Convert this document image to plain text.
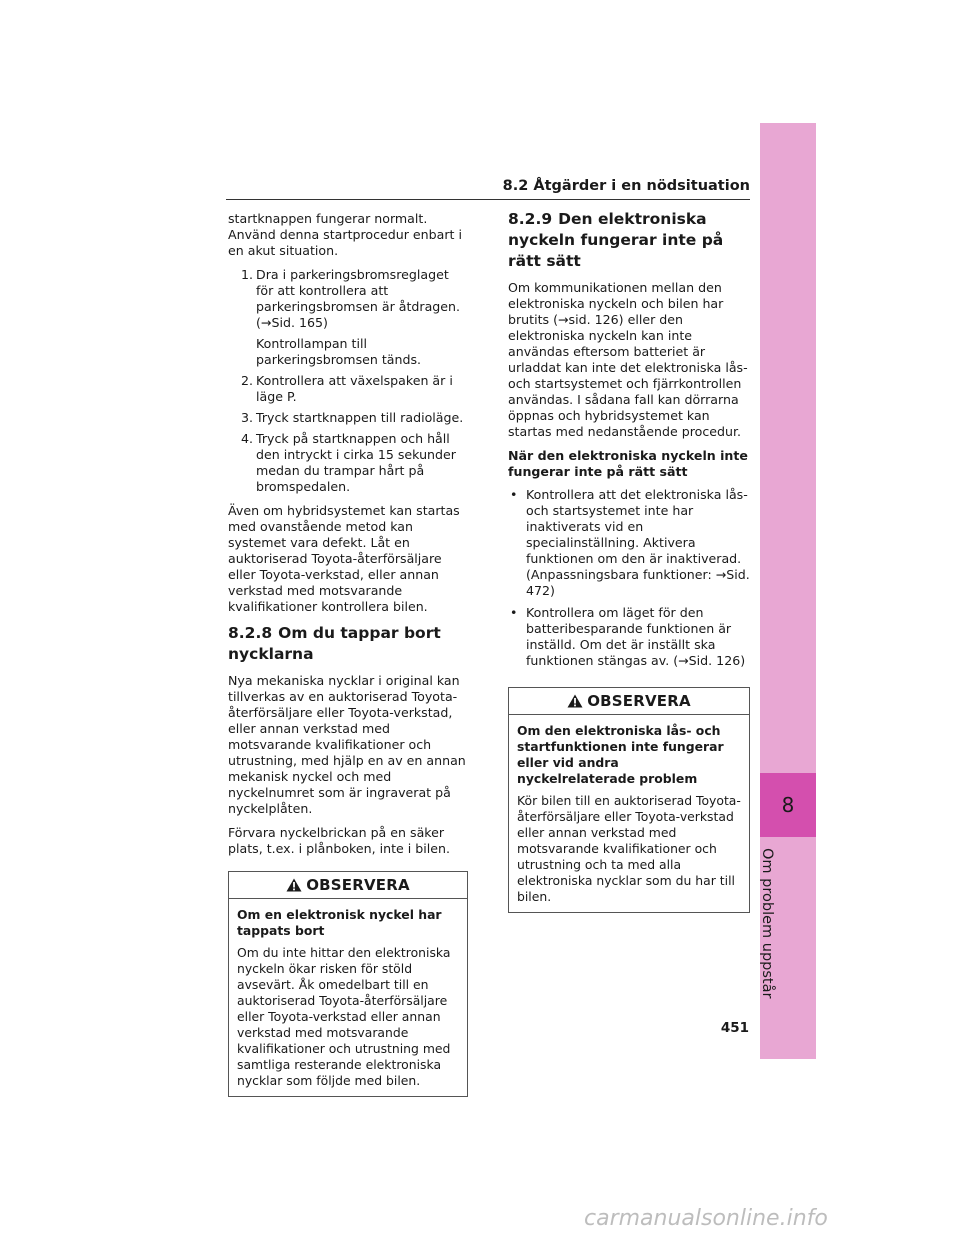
8.2 Åtgärder i en nödsituation

startknappen fungerar normalt. Använd denna startprocedur enbart i en akut situation.

1. Dra i parkeringsbromsreglaget för att kontrollera att parkeringsbromsen är åtdragen. (→Sid. 165)
Kontrollampan till parkeringsbromsen tänds.
2. Kontrollera att växelspaken är i läge P.
3. Tryck startknappen till radioläge.
4. Tryck på startknappen och håll den intryckt i cirka 15 sekunder medan du trampar hårt på bromspedalen.

Även om hybridsystemet kan startas med ovanstående metod kan systemet vara defekt. Låt en auktoriserad Toyota-återförsäljare eller Toyota-verkstad, eller annan verkstad med motsvarande kvalifikationer kontrollera bilen.

8.2.8 Om du tappar bort nycklarna

Nya mekaniska nycklar i original kan tillverkas av en auktoriserad Toyota-återförsäljare eller Toyota-verkstad, eller annan verkstad med motsvarande kvalifikationer och utrustning, med hjälp en av en annan mekanisk nyckel och med nyckelnumret som är ingraverat på nyckelplåten.

Förvara nyckelbrickan på en säker plats, t.ex. i plånboken, inte i bilen.

OBSERVERA
Om en elektronisk nyckel har tappats bort
Om du inte hittar den elektroniska nyckeln ökar risken för stöld avsevärt. Åk omedelbart till en auktoriserad Toyota-återförsäljare eller Toyota-verkstad eller annan verkstad med motsvarande kvalifikationer och utrustning med samtliga resterande elektroniska nycklar som följde med bilen.
8.2.9 Den elektroniska nyckeln fungerar inte på rätt sätt

Om kommunikationen mellan den elektroniska nyckeln och bilen har brutits (→sid. 126) eller den elektroniska nyckeln kan inte användas eftersom batteriet är urladdat kan inte det elektroniska lås- och startsystemet och fjärrkontrollen användas. I sådana fall kan dörrarna öppnas och hybridsystemet kan startas med nedanstående procedur.

När den elektroniska nyckeln inte fungerar inte på rätt sätt
• Kontrollera att det elektroniska lås- och startsystemet inte har inaktiverats vid en specialinställning. Aktivera funktionen om den är inaktiverad. (Anpassningsbara funktioner: →Sid. 472)
• Kontrollera om läget för den batteribesparande funktionen är inställd. Om det är inställt ska funktionen stängas av. (→Sid. 126)
OBSERVERA
Om den elektroniska lås- och startfunktionen inte fungerar eller vid andra nyckelrelaterade problem
Kör bilen till en auktoriserad Toyota-återförsäljare eller Toyota-verkstad eller annan verkstad med motsvarande kvalifikationer och utrustning och ta med alla elektroniska nycklar som du har till bilen.
8
Om problem uppstår
451
carmanualsonline.info
